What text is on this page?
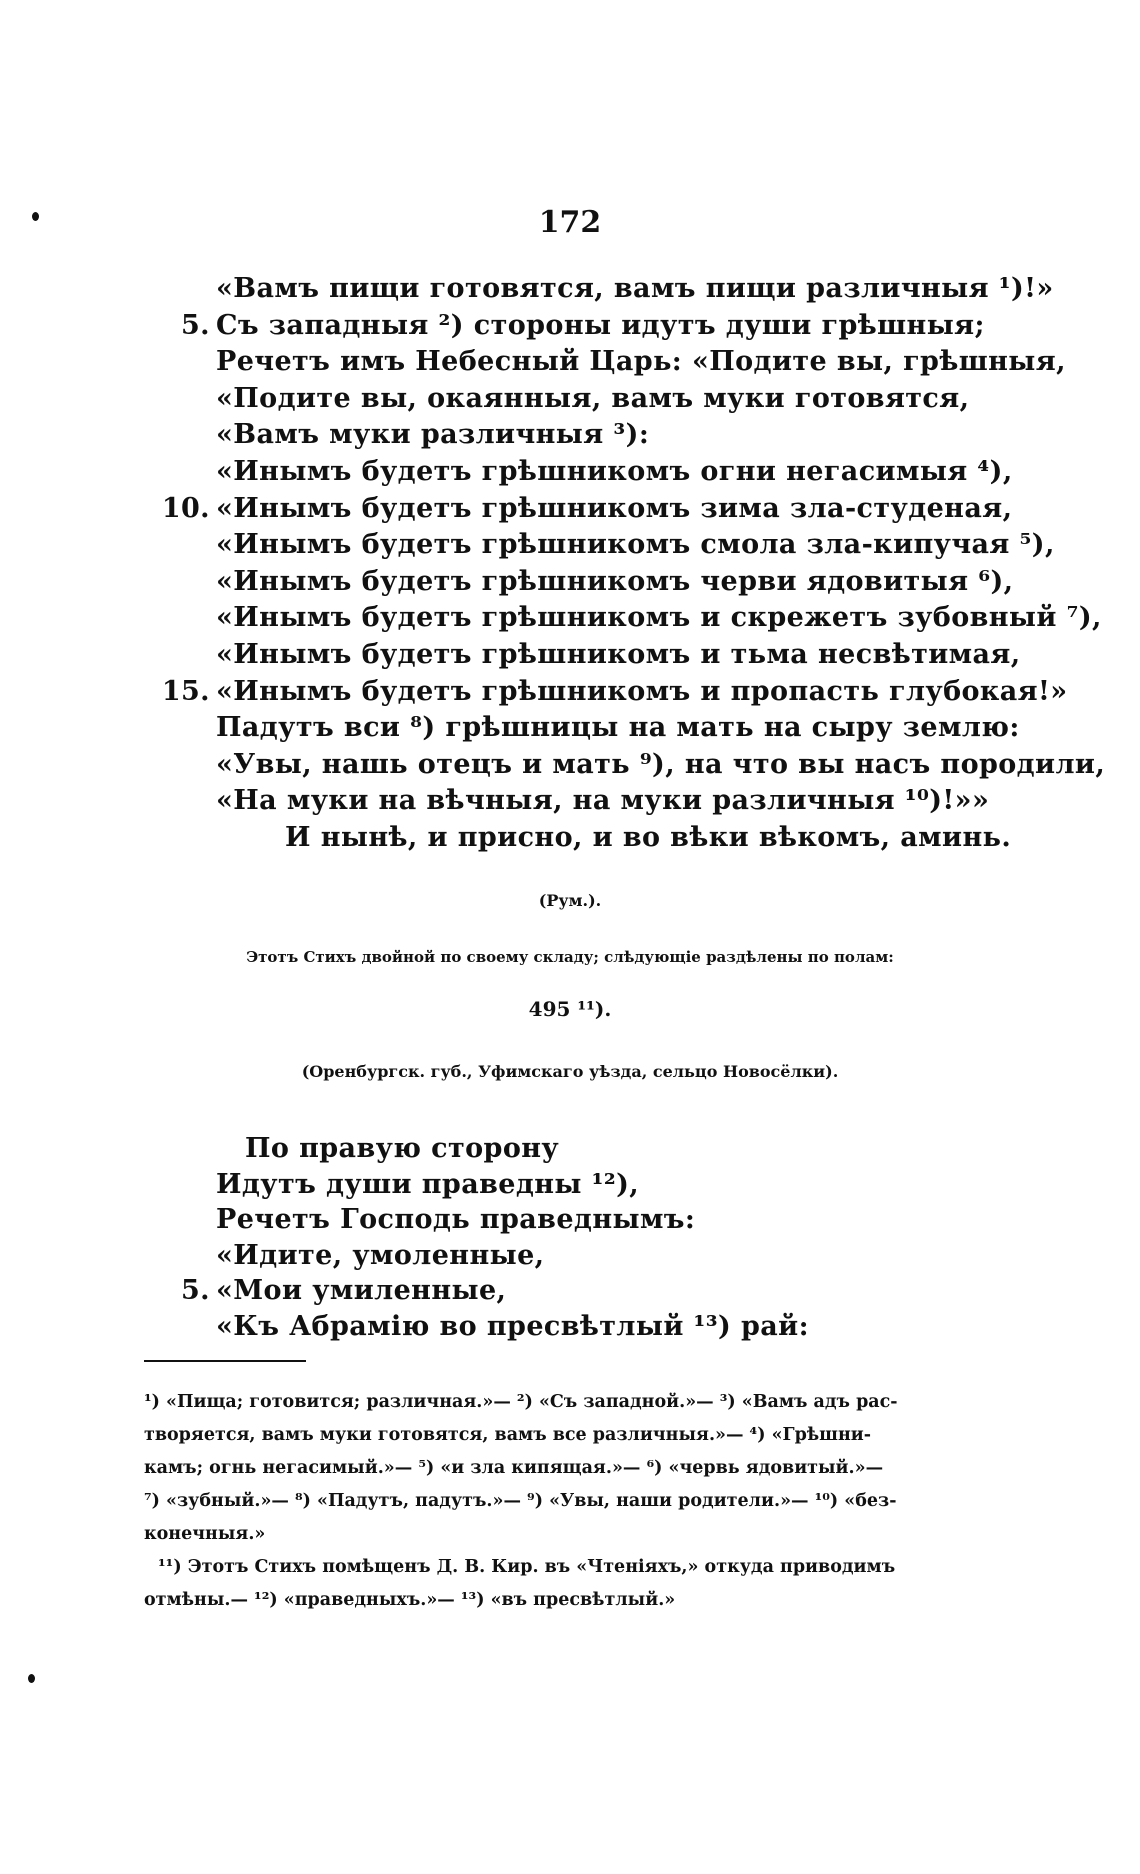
172
«Вамъ пищи готовятся, вамъ пищи различныя ¹)!»
5. Съ западныя ²) стороны идутъ души грѣшныя;
Речетъ имъ Небесный Царь: «Подите вы, грѣшныя,
«Подите вы, окаянныя, вамъ муки готовятся,
«Вамъ муки различныя ³):
«Инымъ будетъ грѣшникомъ огни негасимыя ⁴),
10. «Инымъ будетъ грѣшникомъ зима зла-студеная,
«Инымъ будетъ грѣшникомъ смола зла-кипучая ⁵),
«Инымъ будетъ грѣшникомъ черви ядовитыя ⁶),
«Инымъ будетъ грѣшникомъ и скрежетъ зубовный ⁷),
«Инымъ будетъ грѣшникомъ и тьма несвѣтимая,
15. «Инымъ будетъ грѣшникомъ и пропасть глубокая!»
Падутъ вси ⁸) грѣшницы на мать на сыру землю:
«Увы, нашь отецъ и мать ⁹), на что вы насъ породили,
«На муки на вѣчныя, на муки различныя ¹⁰)!»»
И нынѣ, и присно, и во вѣки вѣкомъ, аминь.
(Рум.).
Этотъ Стихъ двойной по своему складу; слѣдующіе раздѣлены по полам:
495 ¹¹).
(Оренбургск. губ., Уфимскаго уѣзда, сельцо Новосёлки).
По правую сторону
Идутъ души праведны ¹²),
Речетъ Господь праведнымъ:
«Идите, умоленные,
5. «Мои умиленные,
«Къ Абрамію во пресвѣтлый ¹³) рай:
¹) «Пища; готовится; различная.»— ²) «Съ западной.»— ³) «Вамъ адъ рас-
творяется, вамъ муки готовятся, вамъ все различныя.»— ⁴) «Грѣшни-
камъ; огнь негасимый.»— ⁵) «и зла кипящая.»— ⁶) «червь ядовитый.»—
⁷) «зубный.»— ⁸) «Падутъ, падутъ.»— ⁹) «Увы, наши родители.»— ¹⁰) «без-
конечныя.»
¹¹) Этотъ Стихъ помѣщенъ Д. В. Кир. въ «Чтеніяхъ,» откуда приводимъ
отмѣны.— ¹²) «праведныхъ.»— ¹³) «въ пресвѣтлый.»
